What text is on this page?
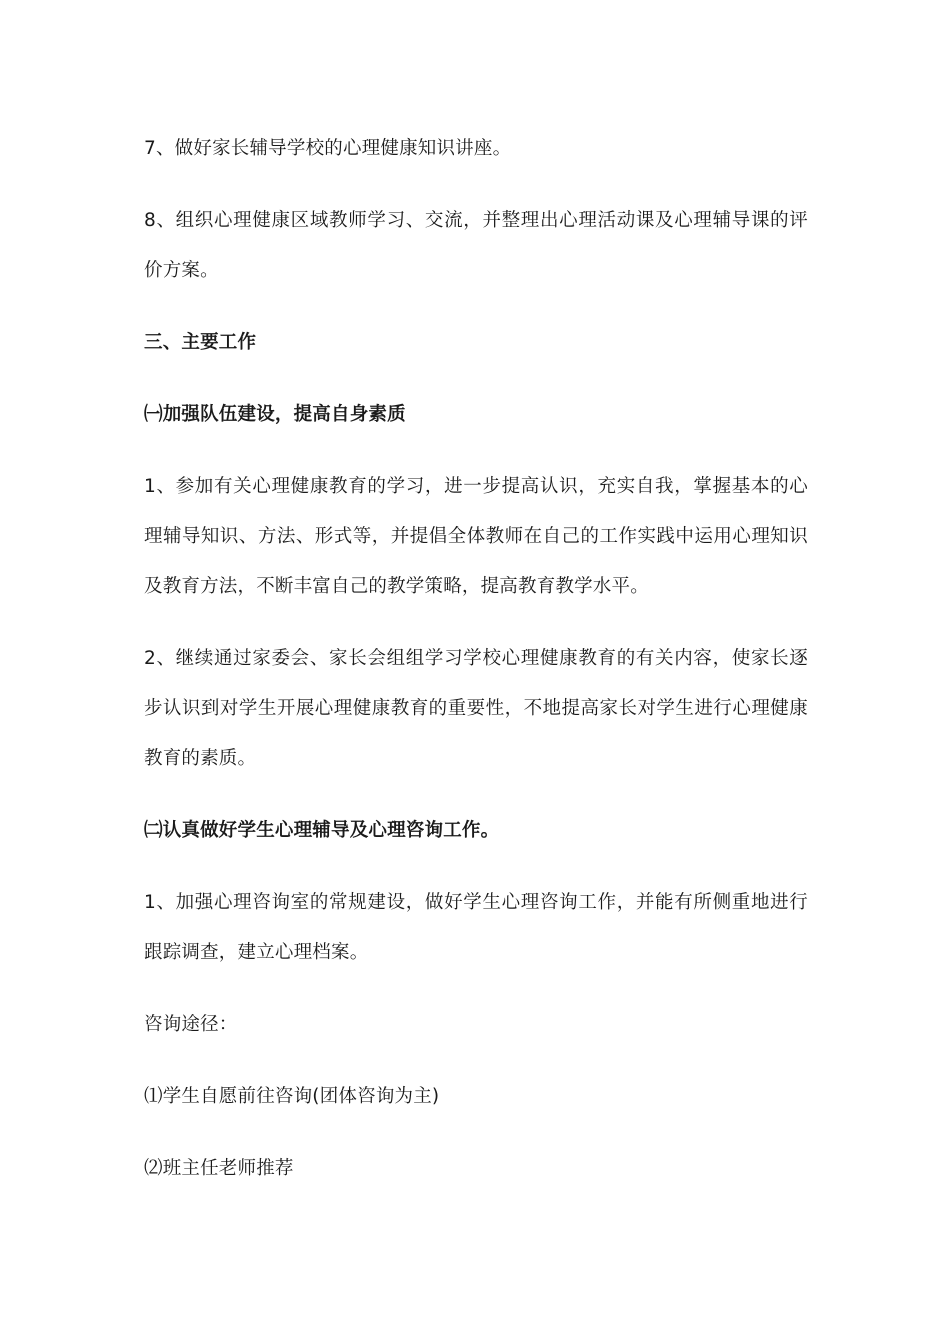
7、做好家长辅导学校的心理健康知识讲座。

8、组织心理健康区域教师学习、交流，并整理出心理活动课及心理辅导课的评价方案。

三、主要工作

㈠加强队伍建设，提高自身素质

1、参加有关心理健康教育的学习，进一步提高认识，充实自我，掌握基本的心理辅导知识、方法、形式等，并提倡全体教师在自己的工作实践中运用心理知识及教育方法，不断丰富自己的教学策略，提高教育教学水平。

2、继续通过家委会、家长会组组学习学校心理健康教育的有关内容，使家长逐步认识到对学生开展心理健康教育的重要性，不地提高家长对学生进行心理健康教育的素质。

㈡认真做好学生心理辅导及心理咨询工作。

1、加强心理咨询室的常规建设，做好学生心理咨询工作，并能有所侧重地进行跟踪调查，建立心理档案。

咨询途径：

⑴学生自愿前往咨询(团体咨询为主)

⑵班主任老师推荐
